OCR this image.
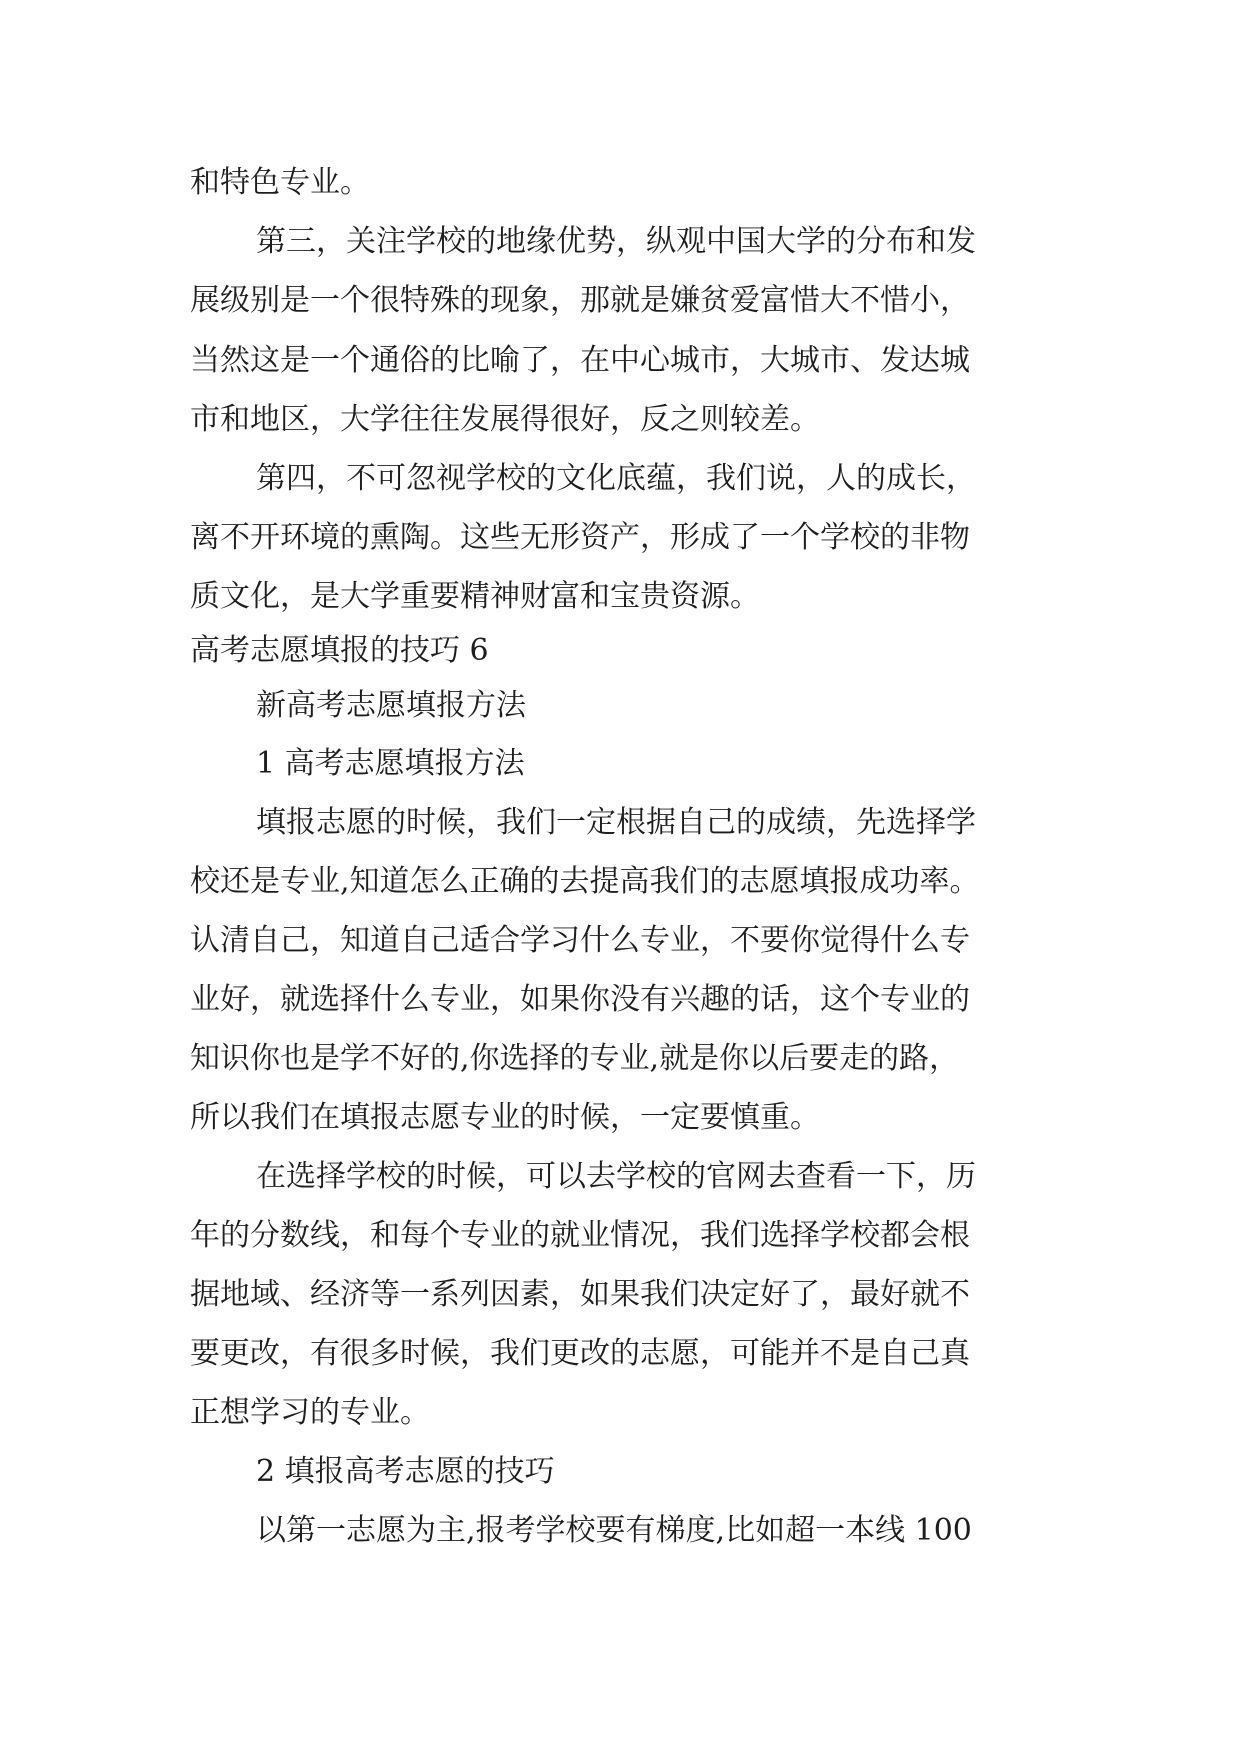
和特色专业。
第三，关注学校的地缘优势，纵观中国大学的分布和发
展级别是一个很特殊的现象，那就是嫌贫爱富惜大不惜小，
当然这是一个通俗的比喻了，在中心城市，大城市、发达城
市和地区，大学往往发展得很好，反之则较差。
第四，不可忽视学校的文化底蕴，我们说，人的成长，
离不开环境的熏陶。这些无形资产，形成了一个学校的非物
质文化，是大学重要精神财富和宝贵资源。
高考志愿填报的技巧 6
新高考志愿填报方法
1 高考志愿填报方法
填报志愿的时候，我们一定根据自己的成绩，先选择学
校还是专业,知道怎么正确的去提高我们的志愿填报成功率。
认清自己，知道自己适合学习什么专业，不要你觉得什么专
业好，就选择什么专业，如果你没有兴趣的话，这个专业的
知识你也是学不好的,你选择的专业,就是你以后要走的路，
所以我们在填报志愿专业的时候，一定要慎重。
在选择学校的时候，可以去学校的官网去查看一下，历
年的分数线，和每个专业的就业情况，我们选择学校都会根
据地域、经济等一系列因素，如果我们决定好了，最好就不
要更改，有很多时候，我们更改的志愿，可能并不是自己真
正想学习的专业。
2 填报高考志愿的技巧
以第一志愿为主,报考学校要有梯度,比如超一本线 100
